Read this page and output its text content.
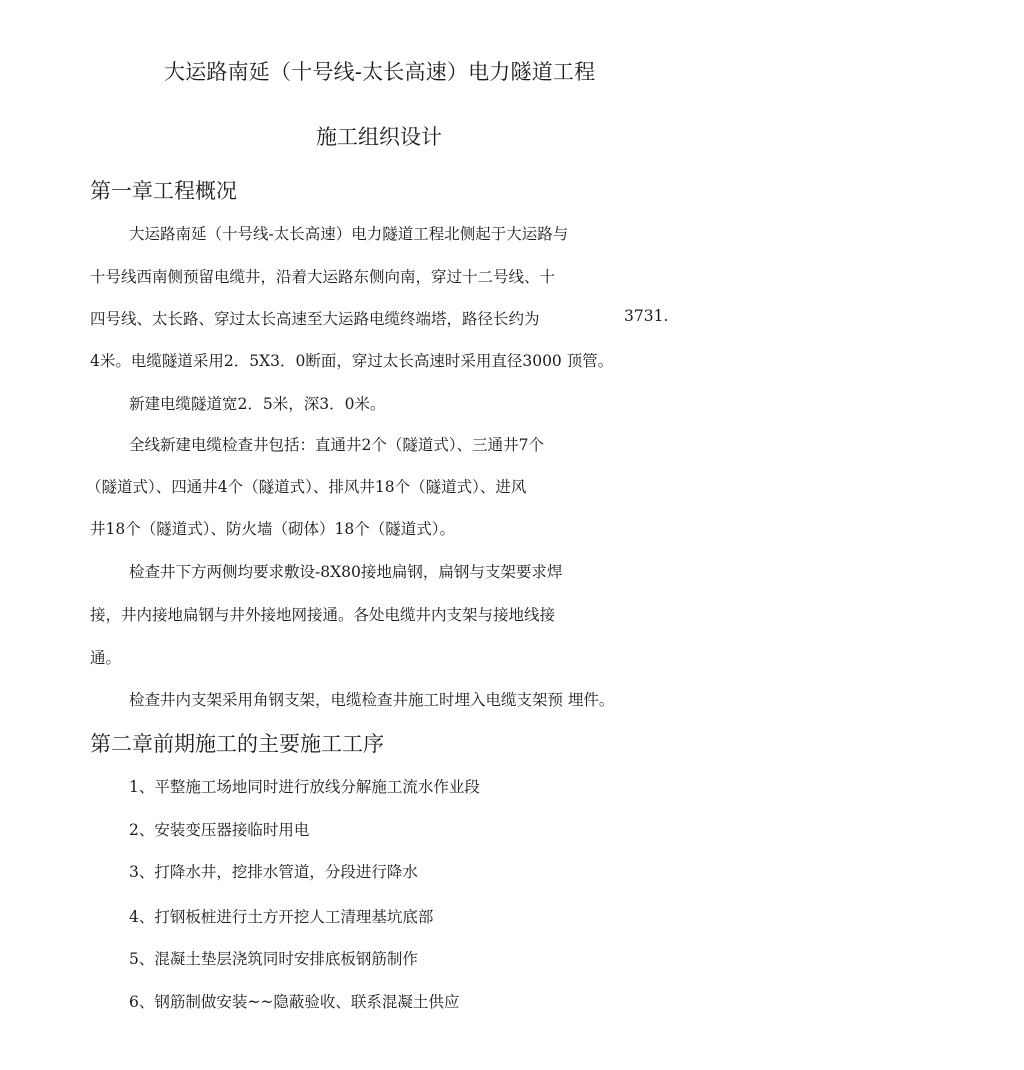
大运路南延（十号线-太长高速）电力隧道工程
施工组织设计
第一章工程概况
大运路南延（十号线-太长高速）电力隧道工程北侧起于大运路与
十号线西南侧预留电缆井，沿着大运路东侧向南，穿过十二号线、十
四号线、太长路、穿过太长高速至大运路电缆终端塔，路径长约为	3731.
4米。电缆隧道采用2．5X3．0断面，穿过太长高速时采用直径3000 顶管。
新建电缆隧道宽2．5米，深3．0米。
全线新建电缆检查井包括：直通井2个（隧道式）、三通井7个
（隧道式）、四通井4个（隧道式）、排风井18个（隧道式）、进风
井18个（隧道式）、防火墙（砌体）18个（隧道式）。
检查井下方两侧均要求敷设-8X80接地扁钢，扁钢与支架要求焊
接，井内接地扁钢与井外接地网接通。各处电缆井内支架与接地线接
通。
检查井内支架采用角钢支架，电缆检查井施工时埋入电缆支架预 埋件。
第二章前期施工的主要施工工序
1、平整施工场地同时进行放线分解施工流水作业段
2、安装变压器接临时用电
3、打降水井，挖排水管道，分段进行降水
4、打钢板桩进行土方开挖人工清理基坑底部
5、混凝土垫层浇筑同时安排底板钢筋制作
6、钢筋制做安装~~隐蔽验收、联系混凝土供应
